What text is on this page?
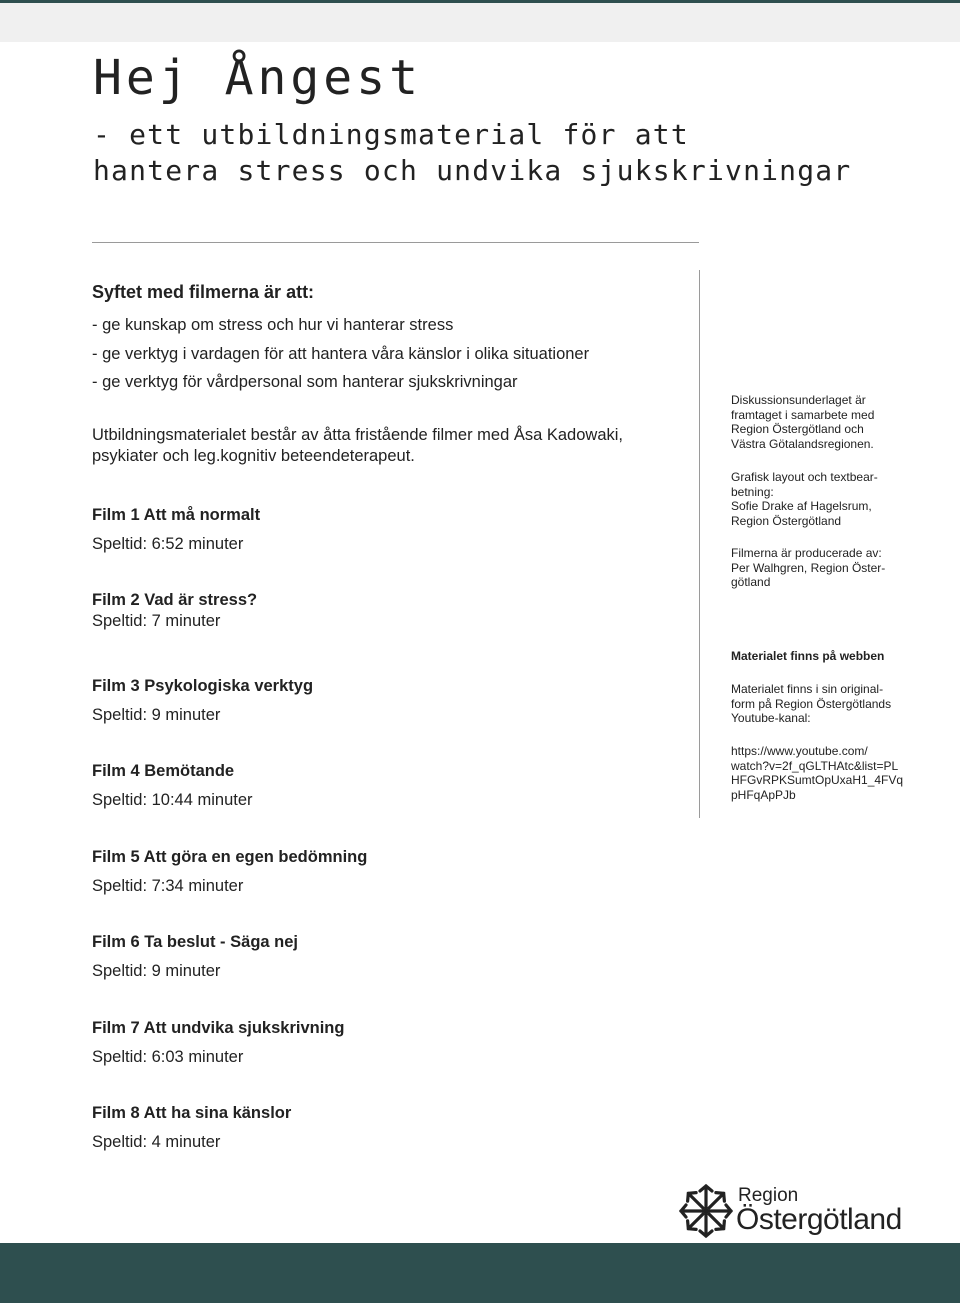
Hej Ångest
- ett utbildningsmaterial för att
hantera stress och undvika sjukskrivningar

Syftet med filmerna är att:

- ge kunskap om stress och hur vi hanterar stress
- ge verktyg i vardagen för att hantera våra känslor i olika situationer
- ge verktyg för vårdpersonal som hanterar sjukskrivningar

Utbildningsmaterialet består av åtta fristående filmer med Åsa Kadowaki, psykiater och leg.kognitiv beteendeterapeut.

Film 1 Att må normalt
Speltid: 6:52 minuter
Film 2 Vad är stress?
Speltid: 7 minuter
Film 3 Psykologiska verktyg
Speltid: 9 minuter
Film 4 Bemötande
Speltid: 10:44 minuter
Film 5 Att göra en egen bedömning
Speltid: 7:34 minuter
Film 6 Ta beslut - Säga nej
Speltid: 9 minuter
Film 7 Att undvika sjukskrivning
Speltid: 6:03 minuter
Film 8 Att ha sina känslor
Speltid: 4 minuter

Diskussionsunderlaget är

framtaget i samarbete med

Region Östergötland och

Västra Götalandsregionen.

Grafisk layout och textbear-

betning:

Sofie Drake af Hagelsrum,

Region Östergötland

Filmerna är producerade av:

Per Walhgren, Region Öster-

götland

Materialet finns på webben

Materialet finns i sin original-

form på Region Östergötlands

Youtube-kanal:

https://www.youtube.com/

watch?v=2f_qGLTHAtc&list=PL

HFGvRPKSumtOpUxaH1_4FVq

pHFqApPJb

Region
Östergötland
